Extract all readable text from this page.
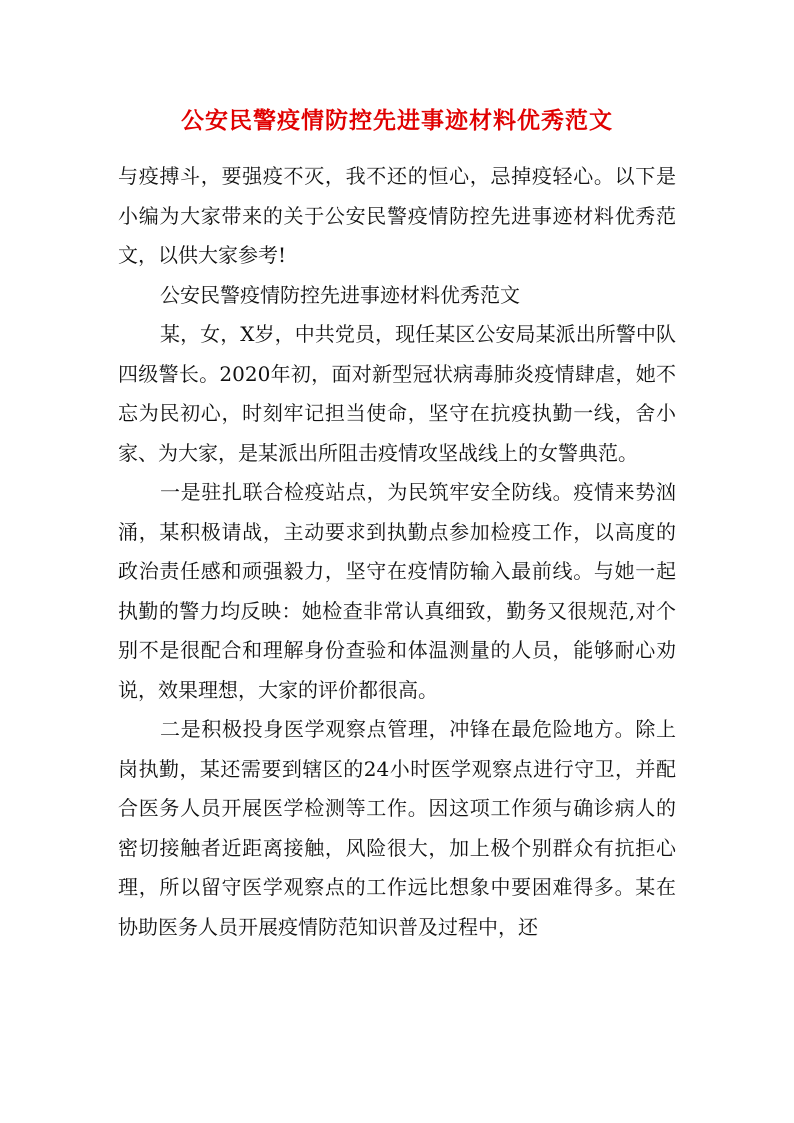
公安民警疫情防控先进事迹材料优秀范文

与疫搏斗，要强疫不灭，我不还的恒心，忌掉疫轻心。以下是小编为大家带来的关于公安民警疫情防控先进事迹材料优秀范文，以供大家参考!

公安民警疫情防控先进事迹材料优秀范文

某，女，X岁，中共党员，现任某区公安局某派出所警中队四级警长。2020年初，面对新型冠状病毒肺炎疫情肆虐，她不忘为民初心，时刻牢记担当使命，坚守在抗疫执勤一线，舍小家、为大家，是某派出所阻击疫情攻坚战线上的女警典范。

一是驻扎联合检疫站点，为民筑牢安全防线。疫情来势汹涌，某积极请战，主动要求到执勤点参加检疫工作，以高度的政治责任感和顽强毅力，坚守在疫情防输入最前线。与她一起执勤的警力均反映：她检查非常认真细致，勤务又很规范,对个别不是很配合和理解身份查验和体温测量的人员，能够耐心劝说，效果理想，大家的评价都很高。

二是积极投身医学观察点管理，冲锋在最危险地方。除上岗执勤，某还需要到辖区的24小时医学观察点进行守卫，并配合医务人员开展医学检测等工作。因这项工作须与确诊病人的密切接触者近距离接触，风险很大，加上极个别群众有抗拒心理，所以留守医学观察点的工作远比想象中要困难得多。某在协助医务人员开展疫情防范知识普及过程中，还
